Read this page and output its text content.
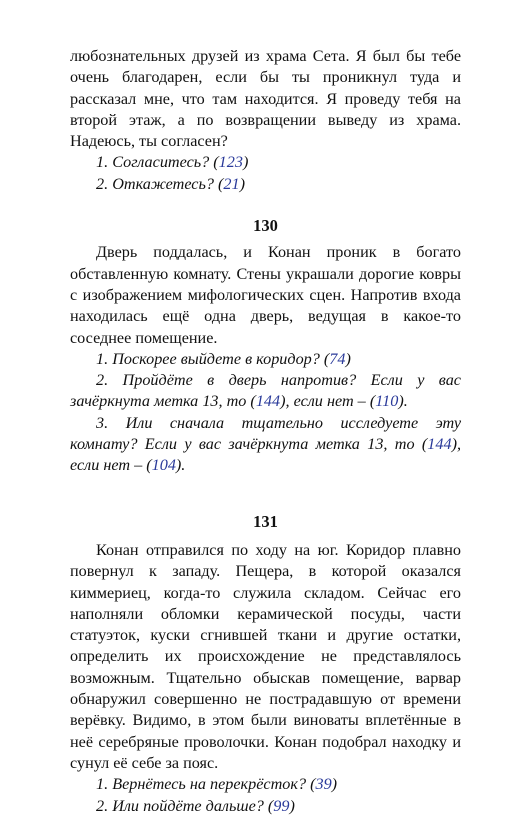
любознательных друзей из храма Сета. Я был бы тебе очень благодарен, если бы ты проникнул туда и рассказал мне, что там находится. Я проведу тебя на второй этаж, а по возвращении выведу из храма. Надеюсь, ты согласен?

1. Согласитесь? (123)

2. Откажетесь? (21)

130

Дверь поддалась, и Конан проник в богато обставленную комнату. Стены украшали дорогие ковры с изображением мифологических сцен. Напротив входа находилась ещё одна дверь, ведущая в какое-то соседнее помещение.

1. Поскорее выйдете в коридор? (74)

2. Пройдёте в дверь напротив? Если у вас зачёркнута метка 13, то (144), если нет – (110).

3. Или сначала тщательно исследуете эту комнату? Если у вас зачёркнута метка 13, то (144), если нет – (104).

131

Конан отправился по ходу на юг. Коридор плавно повернул к западу. Пещера, в которой оказался киммериец, когда-то служила складом. Сейчас его наполняли обломки керамической посуды, части статуэток, куски сгнившей ткани и другие остатки, определить их происхождение не представлялось возможным. Тщательно обыскав помещение, варвар обнаружил совершенно не пострадавшую от времени верёвку. Видимо, в этом были виноваты вплетённые в неё серебряные проволочки. Конан подобрал находку и сунул её себе за пояс.

1. Вернётесь на перекрёсток? (39)

2. Или пойдёте дальше? (99)
